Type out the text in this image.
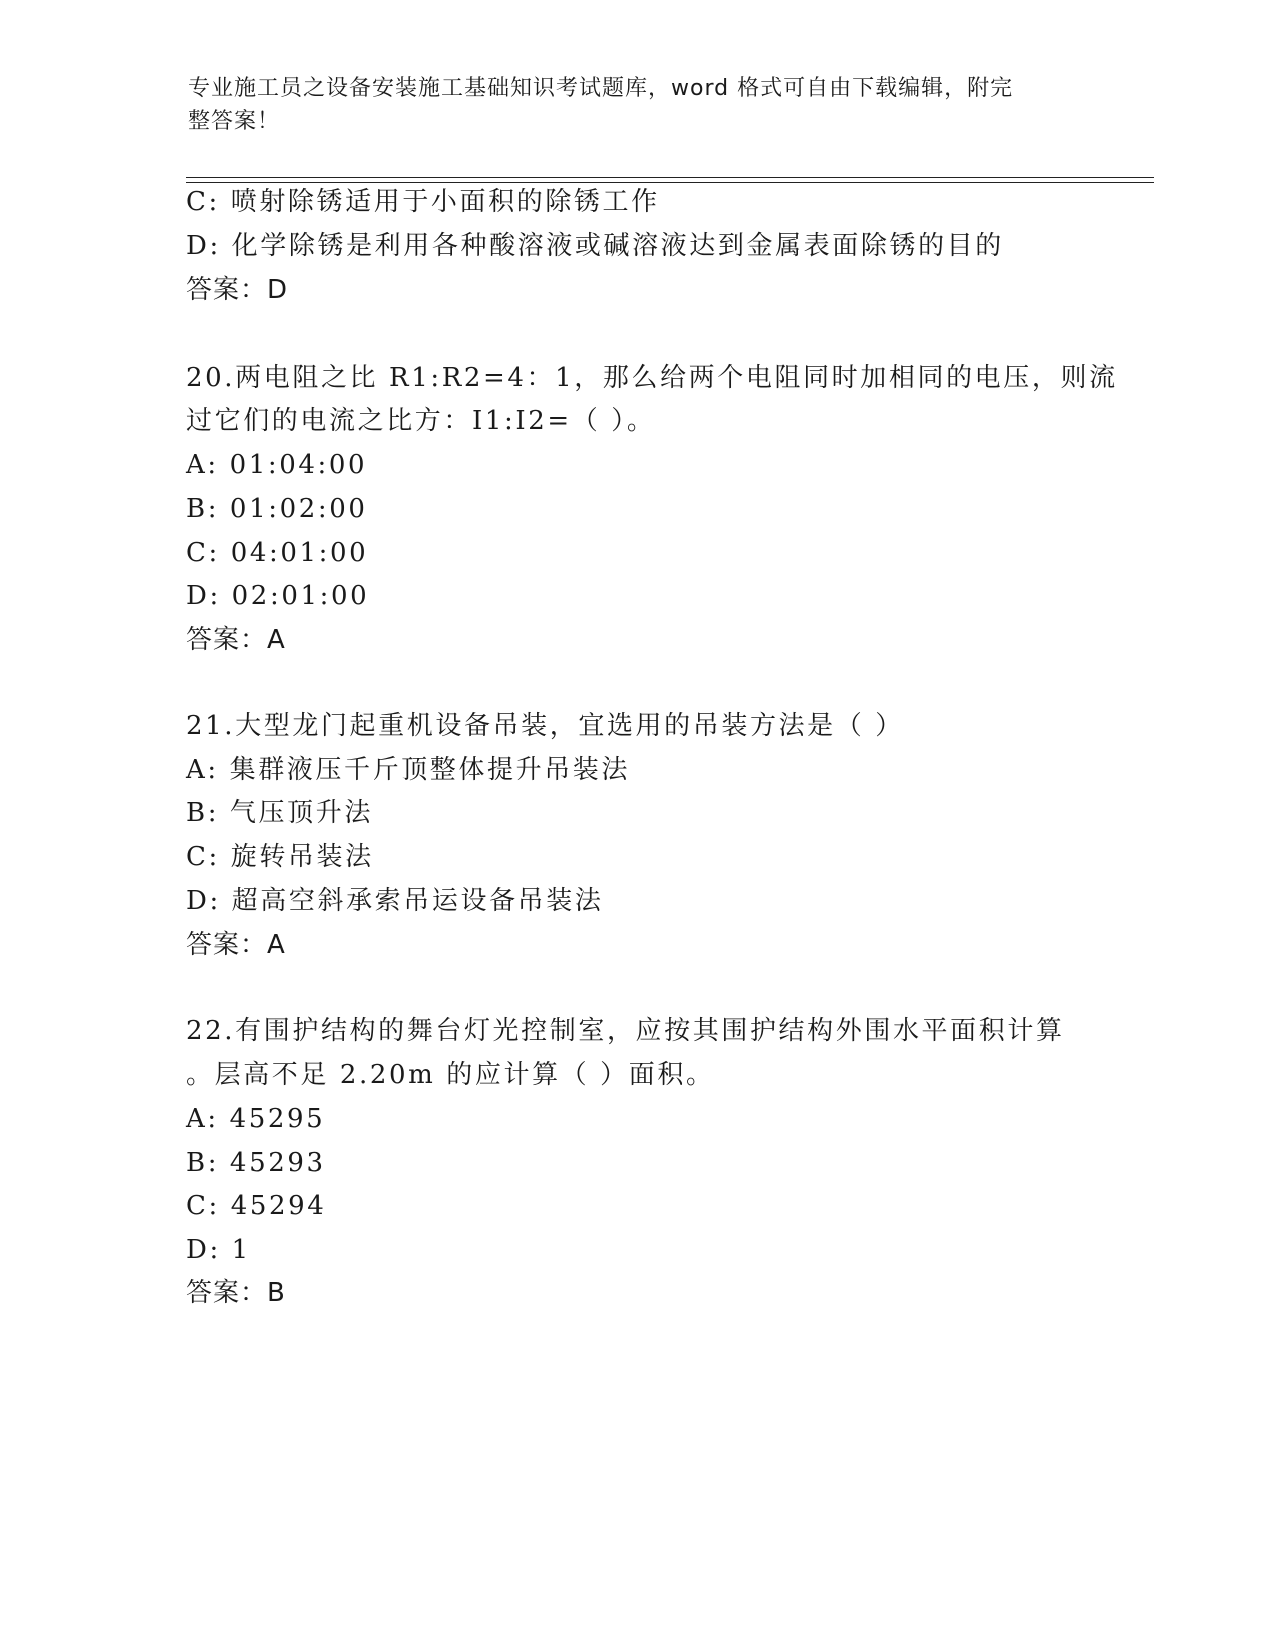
专业施工员之设备安装施工基础知识考试题库，word 格式可自由下载编辑，附完
整答案！
C: 喷射除锈适用于小面积的除锈工作
D: 化学除锈是利用各种酸溶液或碱溶液达到金属表面除锈的目的
答案：D
20.两电阻之比 R1:R2=4：1，那么给两个电阻同时加相同的电压，则流
过它们的电流之比方：I1:I2=（ ）。
A: 01:04:00
B: 01:02:00
C: 04:01:00
D: 02:01:00
答案：A
21.大型龙门起重机设备吊装，宜选用的吊装方法是（ ）
A: 集群液压千斤顶整体提升吊装法
B: 气压顶升法
C: 旋转吊装法
D: 超高空斜承索吊运设备吊装法
答案：A
22.有围护结构的舞台灯光控制室，应按其围护结构外围水平面积计算
。层高不足 2.20m 的应计算（ ）面积。
A: 45295
B: 45293
C: 45294
D: 1
答案：B
